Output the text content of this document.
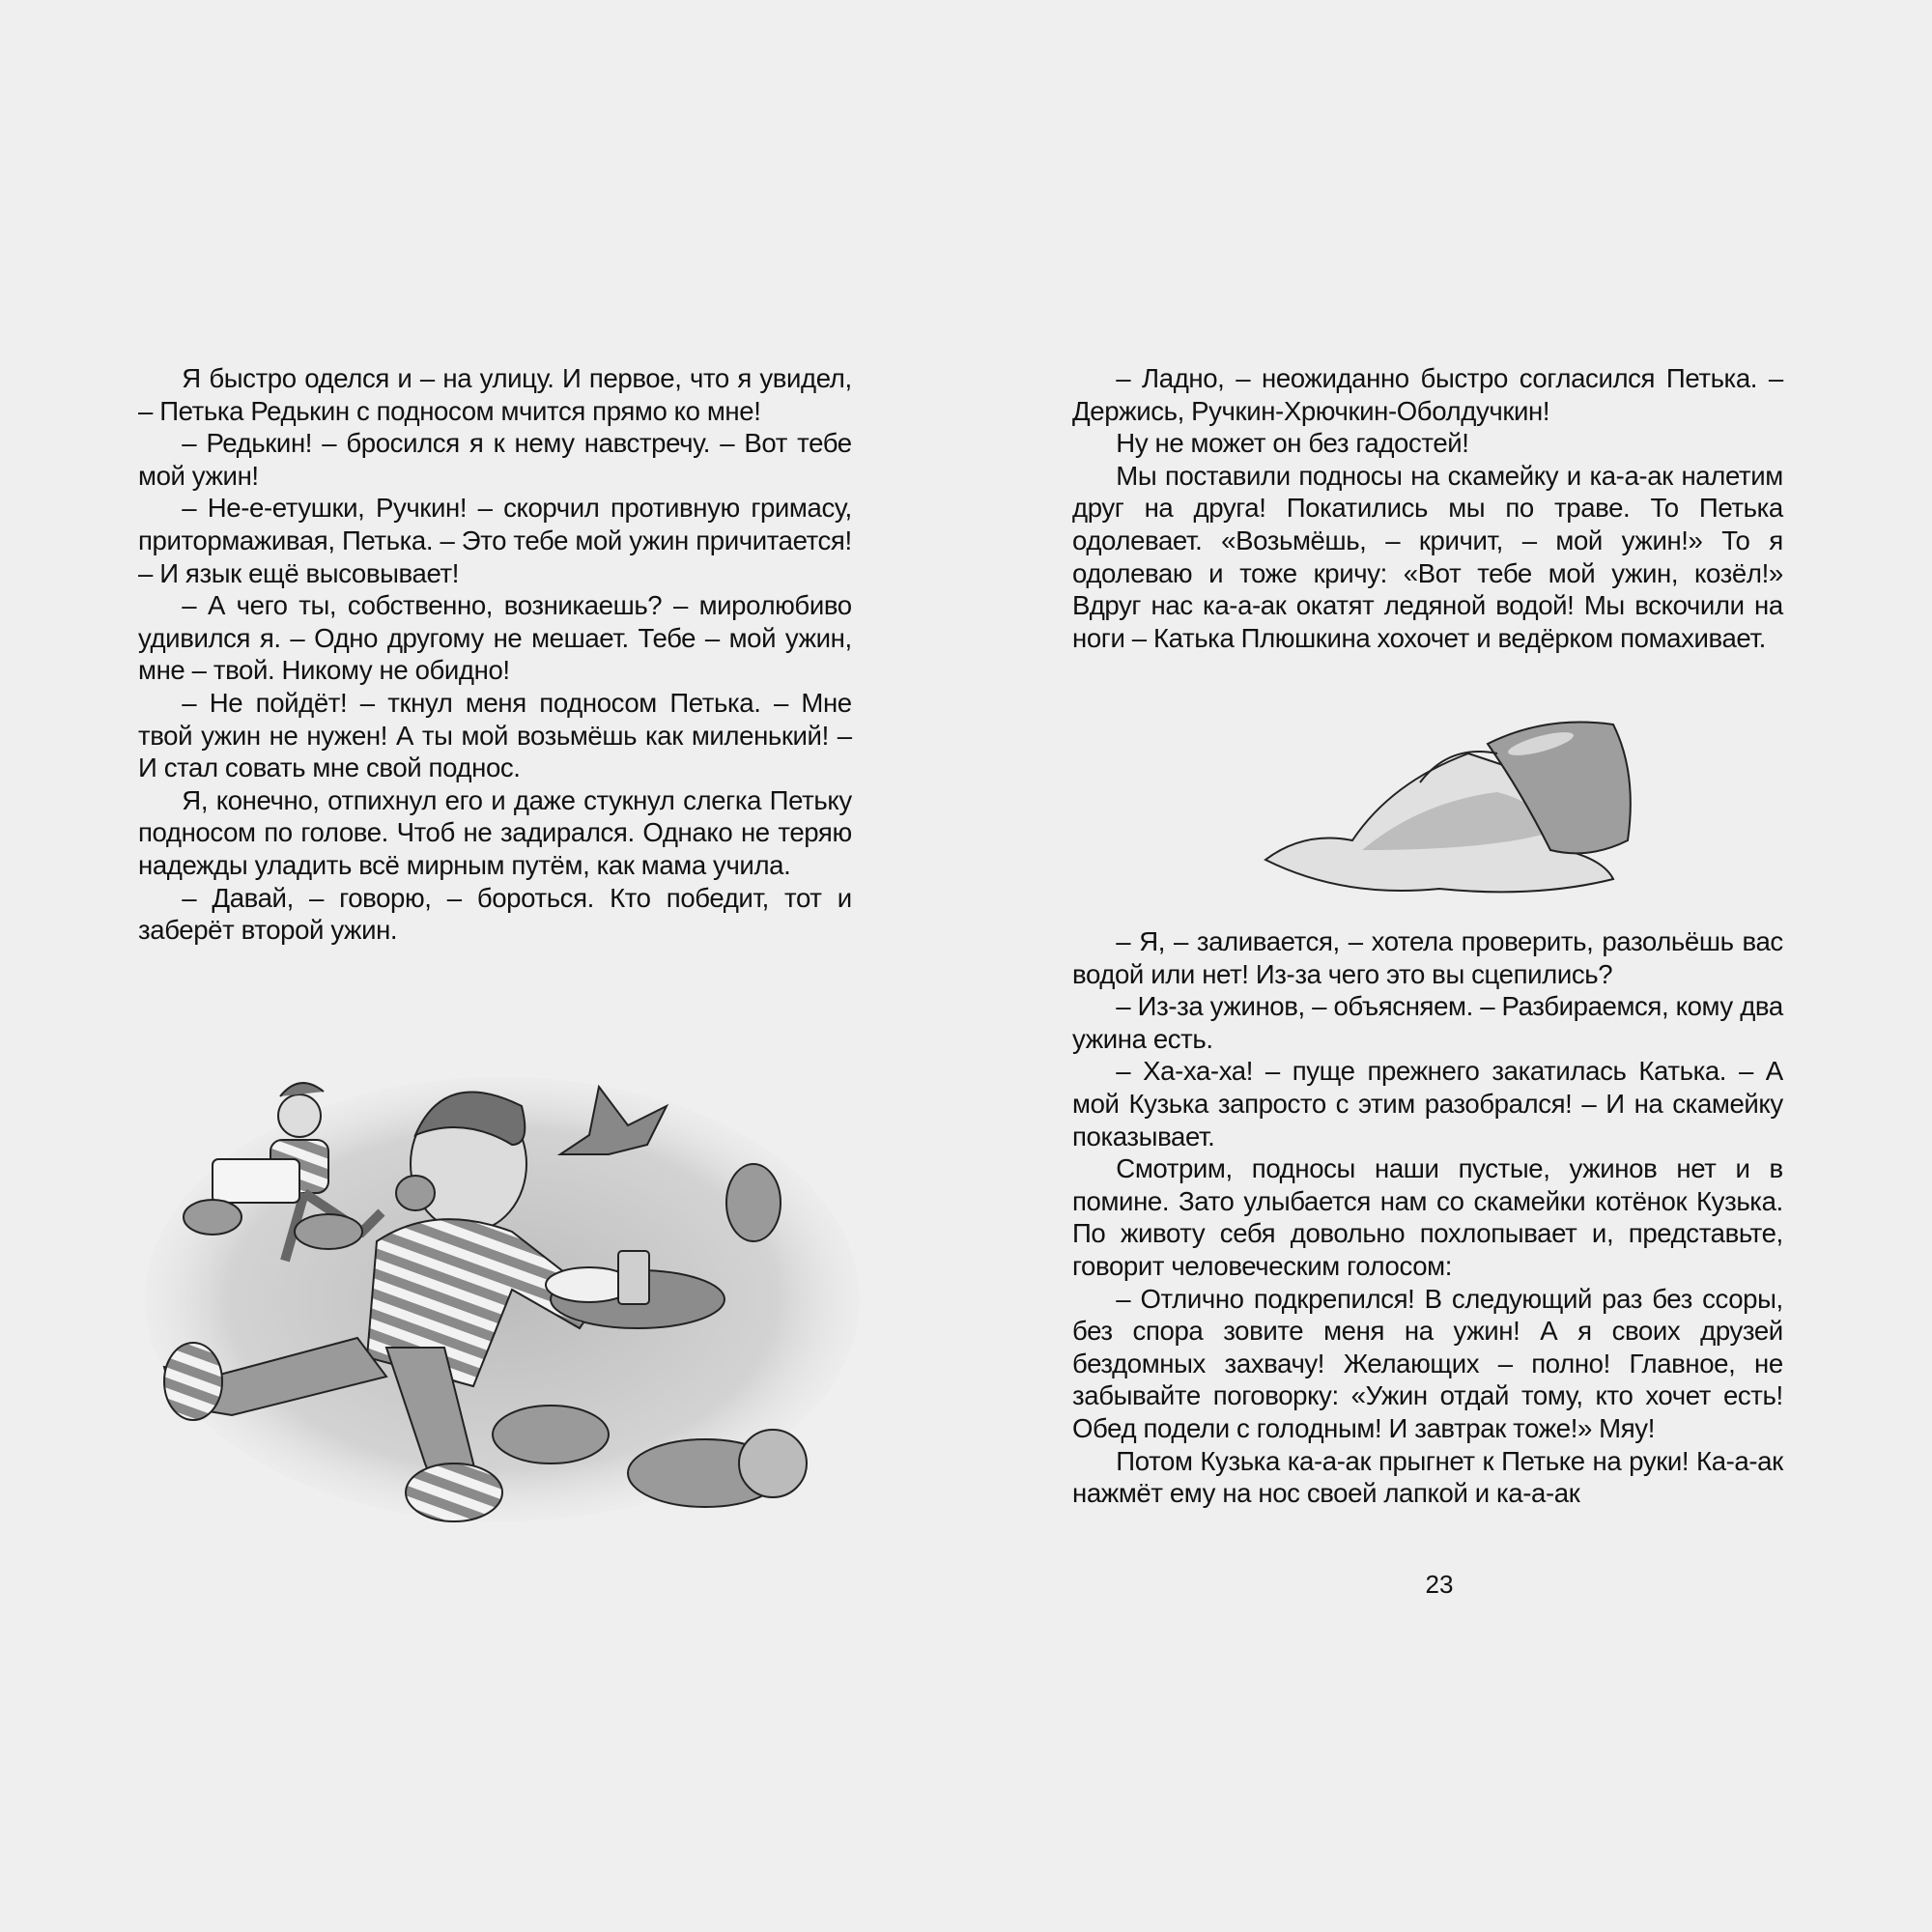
Я быстро оделся и – на улицу. И первое, что я увидел, – Петька Редькин с подносом мчится прямо ко мне!

– Редькин! – бросился я к нему навстречу. – Вот тебе мой ужин!

– Не-е-етушки, Ручкин! – скорчил противную гримасу, притормаживая, Петька. – Это тебе мой ужин причитается! – И язык ещё высовывает!

– А чего ты, собственно, возникаешь? – миролюбиво удивился я. – Одно другому не мешает. Тебе – мой ужин, мне – твой. Никому не обидно!

– Не пойдёт! – ткнул меня подносом Петька. – Мне твой ужин не нужен! А ты мой возьмёшь как миленький! – И стал совать мне свой поднос.

Я, конечно, отпихнул его и даже стукнул слегка Петьку подносом по голове. Чтоб не задирался. Однако не теряю надежды уладить всё мирным путём, как мама учила.

– Давай, – говорю, – бороться. Кто победит, тот и заберёт второй ужин.

– Ладно, – неожиданно быстро согласился Петька. – Держись, Ручкин-Хрючкин-Оболдучкин!

Ну не может он без гадостей!

Мы поставили подносы на скамейку и ка-а-ак налетим друг на друга! Покатились мы по траве. То Петька одолевает. «Возьмёшь, – кричит, – мой ужин!» То я одолеваю и тоже кричу: «Вот тебе мой ужин, козёл!» Вдруг нас ка-а-ак окатят ледяной водой! Мы вскочили на ноги – Катька Плюшкина хохочет и ведёрком помахивает.

– Я, – заливается, – хотела проверить, разольёшь вас водой или нет! Из-за чего это вы сцепились?

– Из-за ужинов, – объясняем. – Разбираемся, кому два ужина есть.

– Ха-ха-ха! – пуще прежнего закатилась Катька. – А мой Кузька запросто с этим разобрался! – И на скамейку показывает.

Смотрим, подносы наши пустые, ужинов нет и в помине. Зато улыбается нам со скамейки котёнок Кузька. По животу себя довольно похлопывает и, представьте, говорит человеческим голосом:

– Отлично подкрепился! В следующий раз без ссоры, без спора зовите меня на ужин! А я своих друзей бездомных захвачу! Желающих – полно! Главное, не забывайте поговорку: «Ужин отдай тому, кто хочет есть! Обед подели с голодным! И завтрак тоже!» Мяу!

Потом Кузька ка-а-ак прыгнет к Петьке на руки! Ка-а-ак нажмёт ему на нос своей лапкой и ка-а-ак

23
